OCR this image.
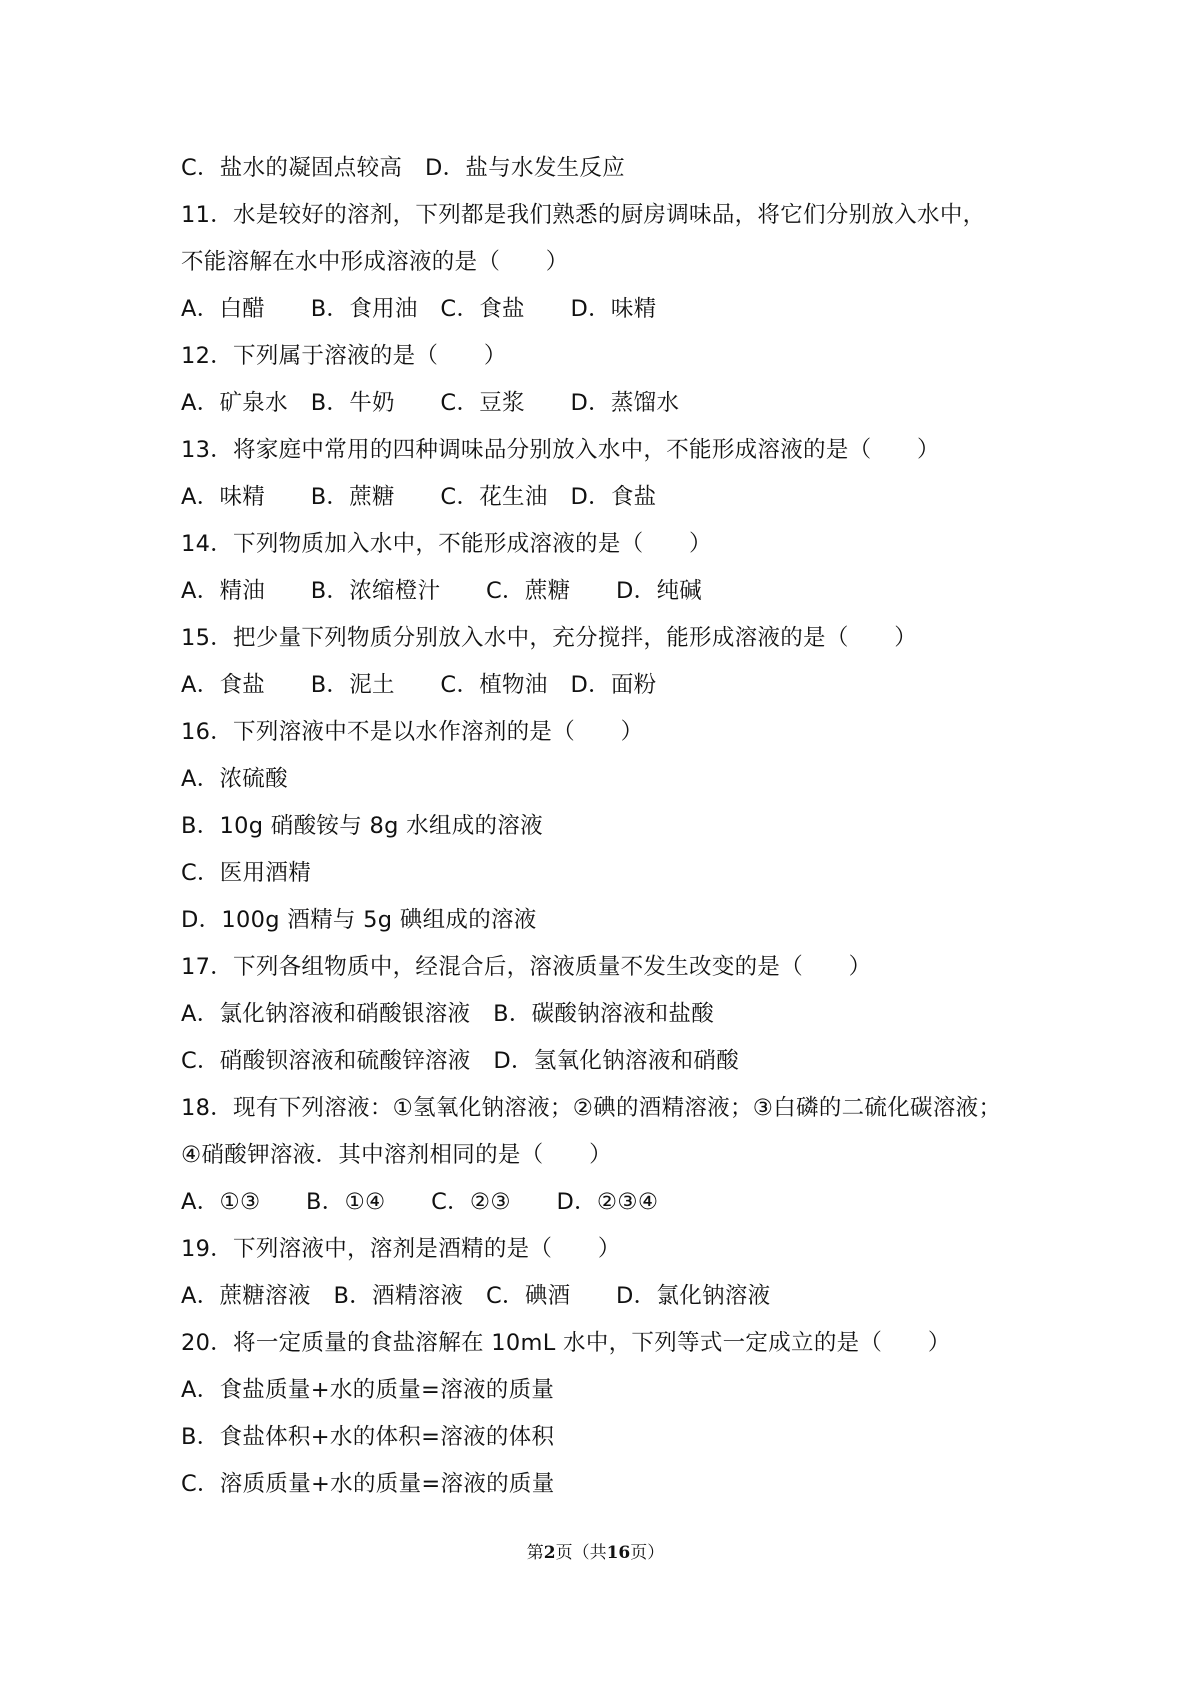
C．盐水的凝固点较高　D．盐与水发生反应
11．水是较好的溶剂，下列都是我们熟悉的厨房调味品，将它们分别放入水中，
不能溶解在水中形成溶液的是（　　）
A．白醋　　B．食用油　C．食盐　　D．味精
12．下列属于溶液的是（　　）
A．矿泉水　B．牛奶　　C．豆浆　　D．蒸馏水
13．将家庭中常用的四种调味品分别放入水中，不能形成溶液的是（　　）
A．味精　　B．蔗糖　　C．花生油　D．食盐
14．下列物质加入水中，不能形成溶液的是（　　）
A．精油　　B．浓缩橙汁　　C．蔗糖　　D．纯碱
15．把少量下列物质分别放入水中，充分搅拌，能形成溶液的是（　　）
A．食盐　　B．泥土　　C．植物油　D．面粉
16．下列溶液中不是以水作溶剂的是（　　）
A．浓硫酸
B．10g 硝酸铵与 8g 水组成的溶液
C．医用酒精
D．100g 酒精与 5g 碘组成的溶液
17．下列各组物质中，经混合后，溶液质量不发生改变的是（　　）
A．氯化钠溶液和硝酸银溶液　B．碳酸钠溶液和盐酸
C．硝酸钡溶液和硫酸锌溶液　D．氢氧化钠溶液和硝酸
18．现有下列溶液：①氢氧化钠溶液；②碘的酒精溶液；③白磷的二硫化碳溶液；
④硝酸钾溶液．其中溶剂相同的是（　　）
A．①③　　B．①④　　C．②③　　D．②③④
19．下列溶液中，溶剂是酒精的是（　　）
A．蔗糖溶液　B．酒精溶液　C．碘酒　　D．氯化钠溶液
20．将一定质量的食盐溶解在 10mL 水中，下列等式一定成立的是（　　）
A．食盐质量+水的质量=溶液的质量
B．食盐体积+水的体积=溶液的体积
C．溶质质量+水的质量=溶液的质量
第2页（共16页）
